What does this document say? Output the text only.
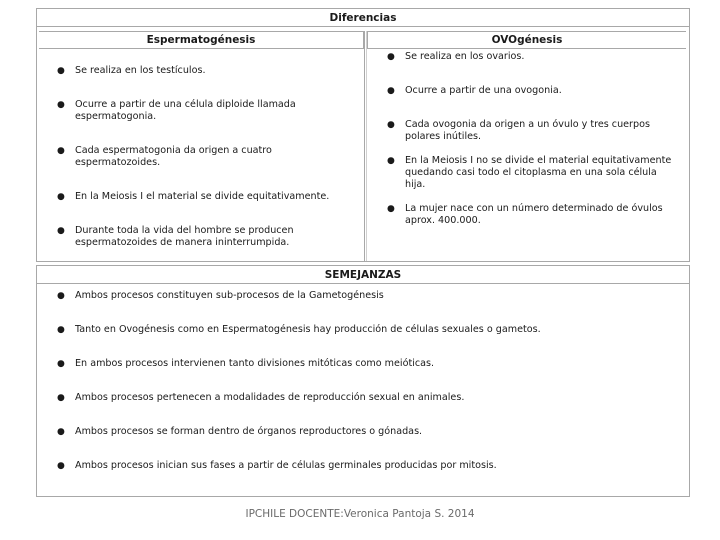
Diferencias
Espermatogénesis	OVOgénesis
● Se realiza en los testículos.
● Ocurre a partir de una célula diploide llamada espermatogonia.
● Cada espermatogonia da origen a cuatro espermatozoides.
● En la Meiosis I el material se divide equitativamente.
● Durante toda la vida del hombre se producen espermatozoides de manera ininterrumpida.
● Se realiza en los ovarios.
● Ocurre a partir de una ovogonia.
● Cada ovogonia da origen a un óvulo y tres cuerpos polares inútiles.
● En la Meiosis I no se divide el material equitativamente quedando casi todo el citoplasma en una sola célula hija.
● La mujer nace con un número determinado de óvulos aprox. 400.000.
SEMEJANZAS
● Ambos procesos constituyen sub-procesos de la Gametogénesis
● Tanto en Ovogénesis como en Espermatogénesis hay producción de células sexuales o gametos.
● En ambos procesos intervienen tanto divisiones mitóticas como meióticas.
● Ambos procesos pertenecen a modalidades de reproducción sexual en animales.
● Ambos procesos se forman dentro de órganos reproductores o gónadas.
● Ambos procesos inician sus fases a partir de células germinales producidas por mitosis.
IPCHILE DOCENTE:Veronica Pantoja S. 2014
